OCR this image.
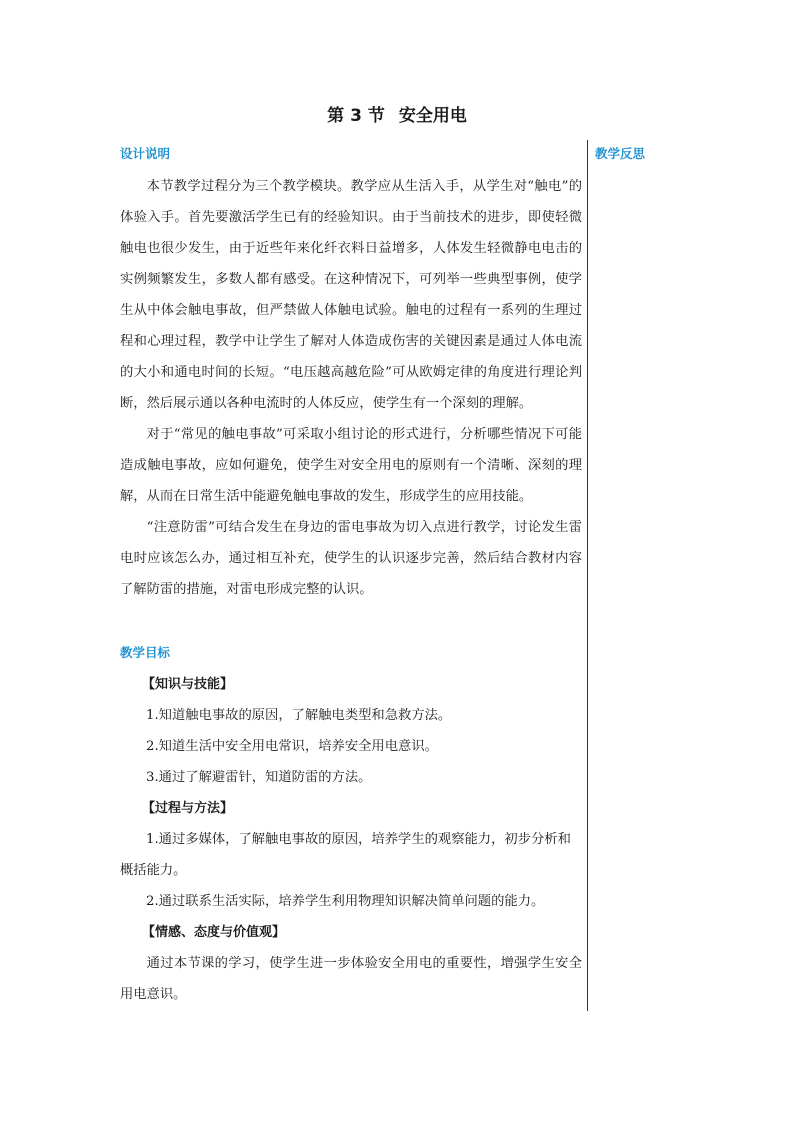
第 3 节 安全用电
教学反思
设计说明

本节教学过程分为三个教学模块。教学应从生活入手，从学生对“触电”的体验入手。首先要激活学生已有的经验知识。由于当前技术的进步，即使轻微触电也很少发生，由于近些年来化纤衣料日益增多，人体发生轻微静电电击的实例频繁发生，多数人都有感受。在这种情况下，可列举一些典型事例，使学生从中体会触电事故，但严禁做人体触电试验。触电的过程有一系列的生理过程和心理过程，教学中让学生了解对人体造成伤害的关键因素是通过人体电流的大小和通电时间的长短。“电压越高越危险”可从欧姆定律的角度进行理论判断，然后展示通以各种电流时的人体反应，使学生有一个深刻的理解。

对于“常见的触电事故”可采取小组讨论的形式进行，分析哪些情况下可能造成触电事故，应如何避免，使学生对安全用电的原则有一个清晰、深刻的理解，从而在日常生活中能避免触电事故的发生，形成学生的应用技能。

“注意防雷”可结合发生在身边的雷电事故为切入点进行教学，讨论发生雷电时应该怎么办，通过相互补充，使学生的认识逐步完善，然后结合教材内容了解防雷的措施，对雷电形成完整的认识。

教学目标

【知识与技能】

1.知道触电事故的原因，了解触电类型和急救方法。

2.知道生活中安全用电常识，培养安全用电意识。

3.通过了解避雷针，知道防雷的方法。

【过程与方法】

1.通过多媒体，了解触电事故的原因，培养学生的观察能力，初步分析和概括能力。

2.通过联系生活实际，培养学生利用物理知识解决简单问题的能力。

【情感、态度与价值观】

通过本节课的学习，使学生进一步体验安全用电的重要性，增强学生安全用电意识。
